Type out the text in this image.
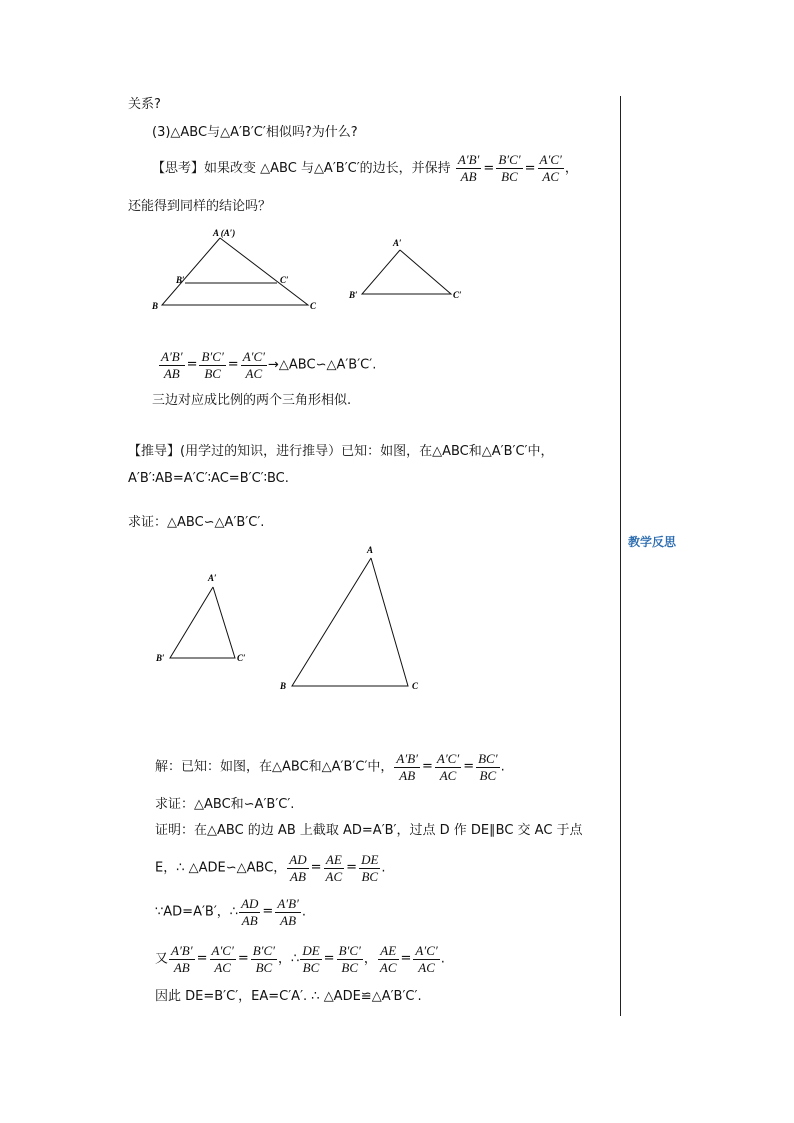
教学反思
关系?
(3)△ABC与△A′B′C′相似吗?为什么?
【思考】如果改变 △ABC 与△A′B′C′的边长，并保持 $\frac{A'B'}{AB} = \frac{B'C'}{BC} = \frac{A'C'}{AC}$ ，
还能得到同样的结论吗？
A (A′)
B	C
B′	C′
A′
B′	C′
$\frac{A'B'}{AB} = \frac{B'C'}{BC} = \frac{A'C'}{AC}$ →△ABC∽△A′B′C′.
三边对应成比例的两个三角形相似.
【推导】(用学过的知识，进行推导）已知：如图，在△ABC和△A′B′C′中，
A′B′∶AB=A′C′∶AC=B′C′∶BC.
求证：△ABC∽△A′B′C′.
A′
B′	C′
A
B	C
解：已知：如图，在△ABC和△A′B′C′中， $\frac{A'B'}{AB} = \frac{A'C'}{AC} = \frac{BC'}{BC}$ .
求证：△ABC和∽A′B′C′.
证明：在△ABC 的边 AB 上截取 AD=A′B′，过点 D 作 DE∥BC 交 AC 于点
E，∴ △ADE∽△ABC， $\frac{AD}{AB} = \frac{AE}{AC} = \frac{DE}{BC}$ .
∵AD=A′B′，∴ $\frac{AD}{AB} = \frac{A'B'}{AB}$ .
又 $\frac{A'B'}{AB} = \frac{A'C'}{AC} = \frac{B'C'}{BC}$ ，∴ $\frac{DE}{BC} = \frac{B'C'}{BC}$ ， $\frac{AE}{AC} = \frac{A'C'}{AC}$ .
因此 DE=B′C′，EA=C′A′. ∴ △ADE≌△A′B′C′.
